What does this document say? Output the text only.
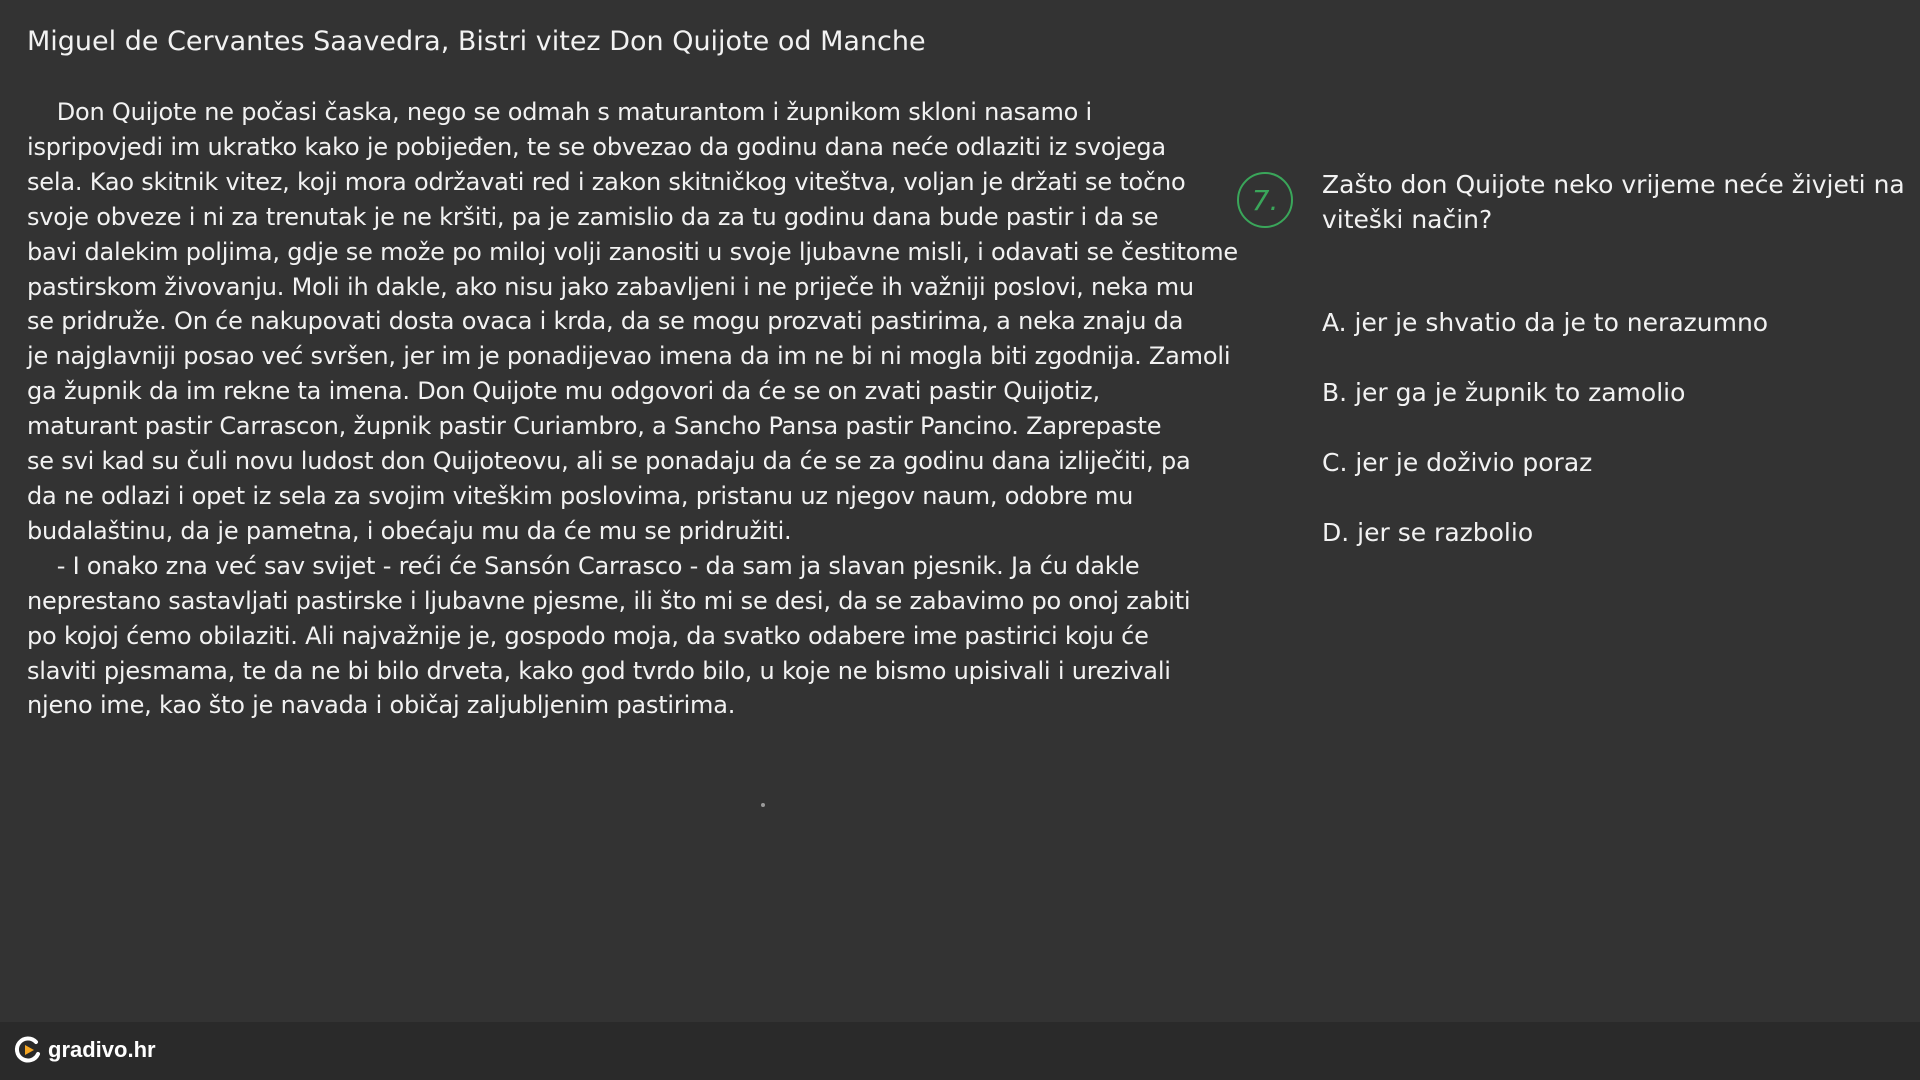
Miguel de Cervantes Saavedra, Bistri vitez Don Quijote od Manche
Don Quijote ne počasi časka, nego se odmah s maturantom i župnikom skloni nasamo i
ispripovjedi im ukratko kako je pobijeđen, te se obvezao da godinu dana neće odlaziti iz svojega
sela. Kao skitnik vitez, koji mora održavati red i zakon skitničkog viteštva, voljan je držati se točno
svoje obveze i ni za trenutak je ne kršiti, pa je zamislio da za tu godinu dana bude pastir i da se
bavi dalekim poljima, gdje se može po miloj volji zanositi u svoje ljubavne misli, i odavati se čestitome
pastirskom živovanju. Moli ih dakle, ako nisu jako zabavljeni i ne priječe ih važniji poslovi, neka mu
se pridruže. On će nakupovati dosta ovaca i krda, da se mogu prozvati pastirima, a neka znaju da
je najglavniji posao već svršen, jer im je ponadijevao imena da im ne bi ni mogla biti zgodnija. Zamoli
ga župnik da im rekne ta imena. Don Quijote mu odgovori da će se on zvati pastir Quijotiz,
maturant pastir Carrascon, župnik pastir Curiambro, a Sancho Pansa pastir Pancino. Zaprepaste
se svi kad su čuli novu ludost don Quijoteovu, ali se ponadaju da će se za godinu dana izliječiti, pa
da ne odlazi i opet iz sela za svojim viteškim poslovima, pristanu uz njegov naum, odobre mu
budalaštinu, da je pametna, i obećaju mu da će mu se pridružiti.
- I onako zna već sav svijet - reći će Sansón Carrasco - da sam ja slavan pjesnik. Ja ću dakle
neprestano sastavljati pastirske i ljubavne pjesme, ili što mi se desi, da se zabavimo po onoj zabiti
po kojoj ćemo obilaziti. Ali najvažnije je, gospodo moja, da svatko odabere ime pastirici koju će
slaviti pjesmama, te da ne bi bilo drveta, kako god tvrdo bilo, u koje ne bismo upisivali i urezivali
njeno ime, kao što je navada i običaj zaljubljenim pastirima.
7.	Zašto don Quijote neko vrijeme neće živjeti na
viteški način?
A. jer je shvatio da je to nerazumno
B. jer ga je župnik to zamolio
C. jer je doživio poraz
D. jer se razbolio
gradivo.hr
